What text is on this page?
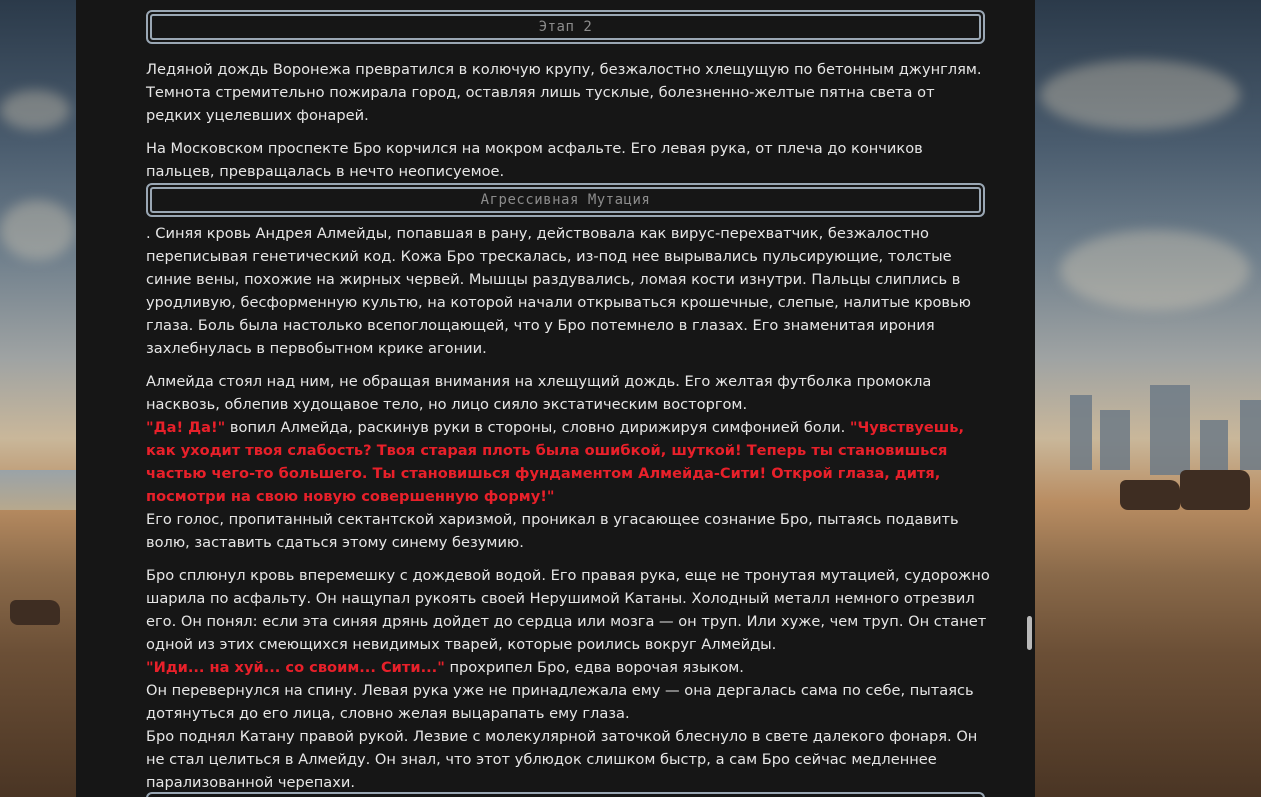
Этап 2

Ледяной дождь Воронежа превратился в колючую крупу, безжалостно хлещущую по бетонным джунглям. Темнота стремительно пожирала город, оставляя лишь тусклые, болезненно-желтые пятна света от редких уцелевших фонарей.

На Московском проспекте Бро корчился на мокром асфальте. Его левая рука, от плеча до кончиков пальцев, превращалась в нечто неописуемое.

Агрессивная Мутация

. Синяя кровь Андрея Алмейды, попавшая в рану, действовала как вирус-перехватчик, безжалостно переписывая генетический код. Кожа Бро трескалась, из-под нее вырывались пульсирующие, толстые синие вены, похожие на жирных червей. Мышцы раздувались, ломая кости изнутри. Пальцы слиплись в уродливую, бесформенную культю, на которой начали открываться крошечные, слепые, налитые кровью глаза. Боль была настолько всепоглощающей, что у Бро потемнело в глазах. Его знаменитая ирония захлебнулась в первобытном крике агонии.

Алмейда стоял над ним, не обращая внимания на хлещущий дождь. Его желтая футболка промокла насквозь, облепив худощавое тело, но лицо сияло экстатическим восторгом.
"Да! Да!" вопил Алмейда, раскинув руки в стороны, словно дирижируя симфонией боли. "Чувствуешь, как уходит твоя слабость? Твоя старая плоть была ошибкой, шуткой! Теперь ты становишься частью чего-то большего. Ты становишься фундаментом Алмейда-Сити! Открой глаза, дитя, посмотри на свою новую совершенную форму!"
Его голос, пропитанный сектантской харизмой, проникал в угасающее сознание Бро, пытаясь подавить волю, заставить сдаться этому синему безумию.
Бро сплюнул кровь вперемешку с дождевой водой. Его правая рука, еще не тронутая мутацией, судорожно шарила по асфальту. Он нащупал рукоять своей Нерушимой Катаны. Холодный металл немного отрезвил его. Он понял: если эта синяя дрянь дойдет до сердца или мозга — он труп. Или хуже, чем труп. Он станет одной из этих смеющихся невидимых тварей, которые роились вокруг Алмейды.
"Иди... на хуй... со своим... Сити..." прохрипел Бро, едва ворочая языком.
Он перевернулся на спину. Левая рука уже не принадлежала ему — она дергалась сама по себе, пытаясь дотянуться до его лица, словно желая выцарапать ему глаза.
Бро поднял Катану правой рукой. Лезвие с молекулярной заточкой блеснуло в свете далекого фонаря. Он не стал целиться в Алмейду. Он знал, что этот ублюдок слишком быстр, а сам Бро сейчас медленнее парализованной черепахи.
